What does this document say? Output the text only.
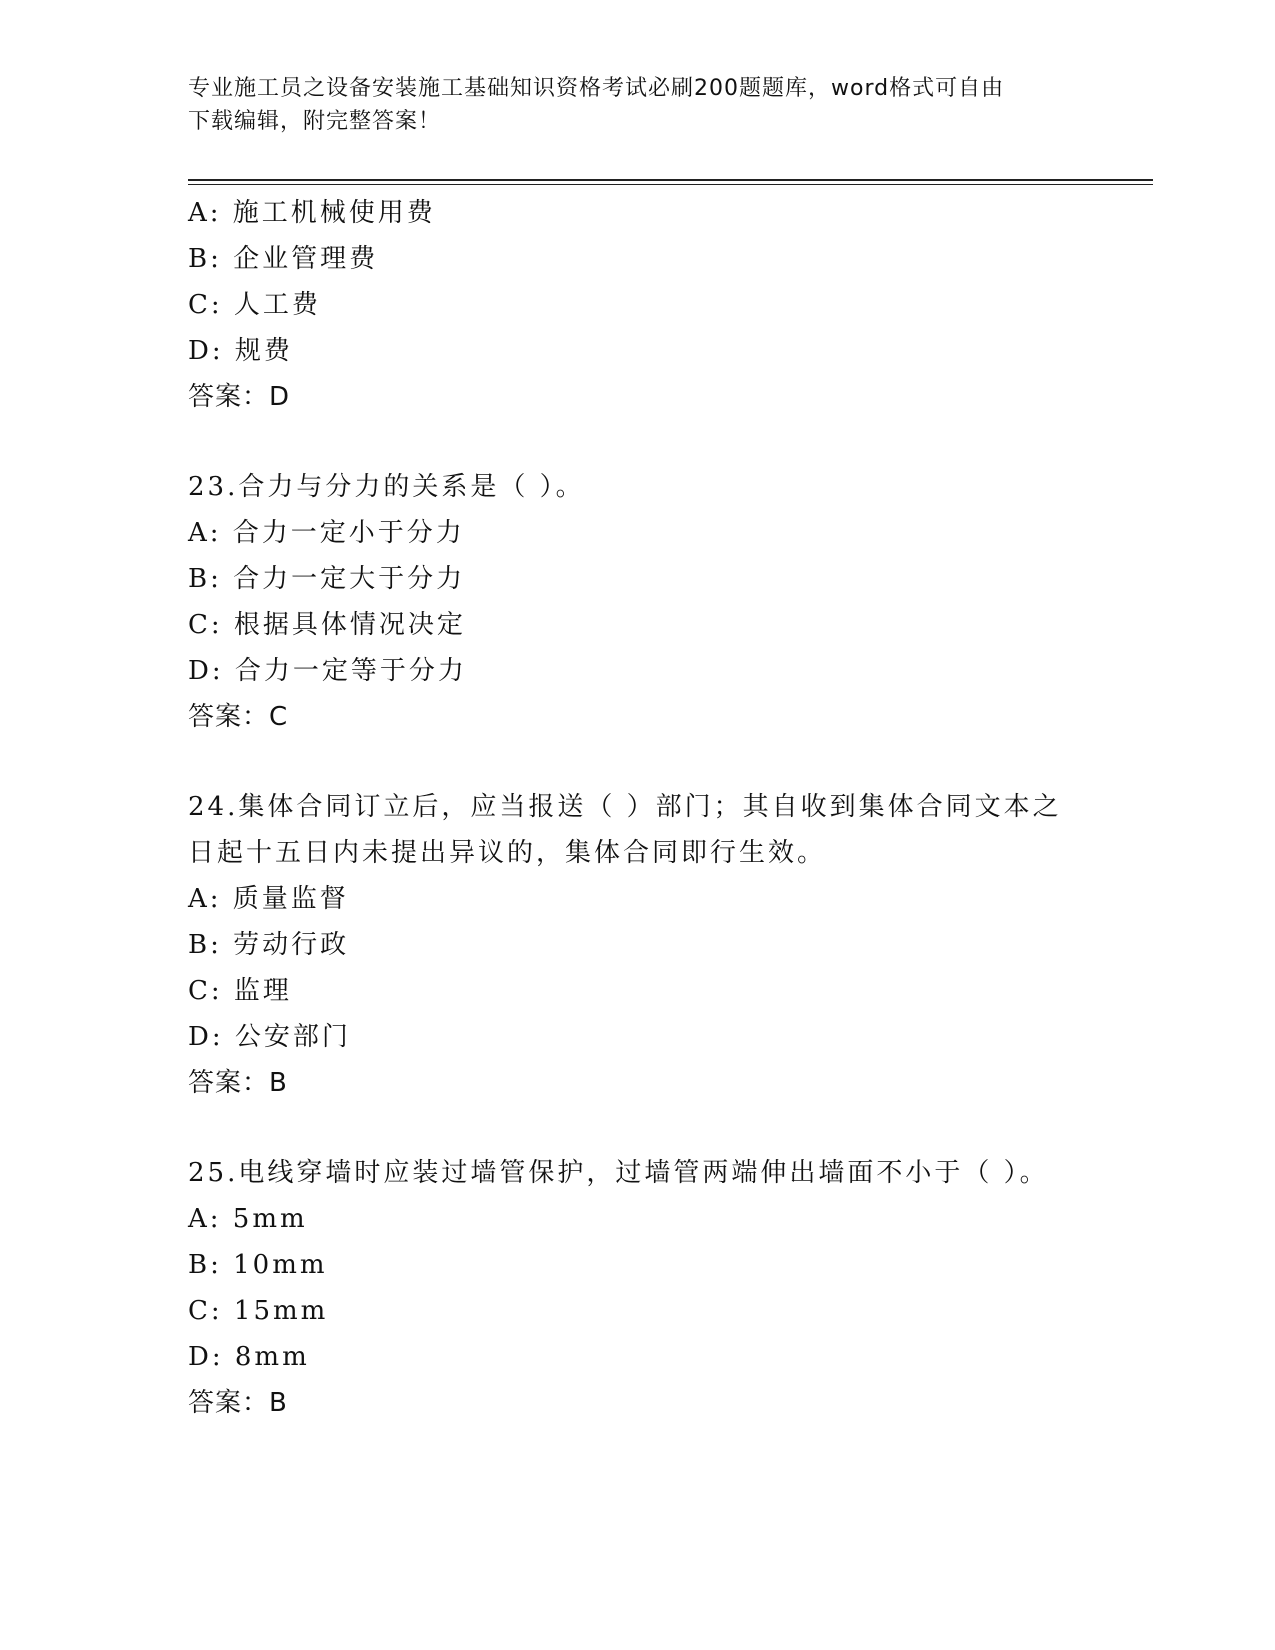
专业施工员之设备安装施工基础知识资格考试必刷200题题库，word格式可自由
下载编辑，附完整答案！
A: 施工机械使用费
B: 企业管理费
C: 人工费
D: 规费
答案：D
23.合力与分力的关系是（ ）。
A: 合力一定小于分力
B: 合力一定大于分力
C: 根据具体情况决定
D: 合力一定等于分力
答案：C
24.集体合同订立后，应当报送（ ）部门；其自收到集体合同文本之
日起十五日内未提出异议的，集体合同即行生效。
A: 质量监督
B: 劳动行政
C: 监理
D: 公安部门
答案：B
25.电线穿墙时应装过墙管保护，过墙管两端伸出墙面不小于（ ）。
A: 5mm
B: 10mm
C: 15mm
D: 8mm
答案：B
